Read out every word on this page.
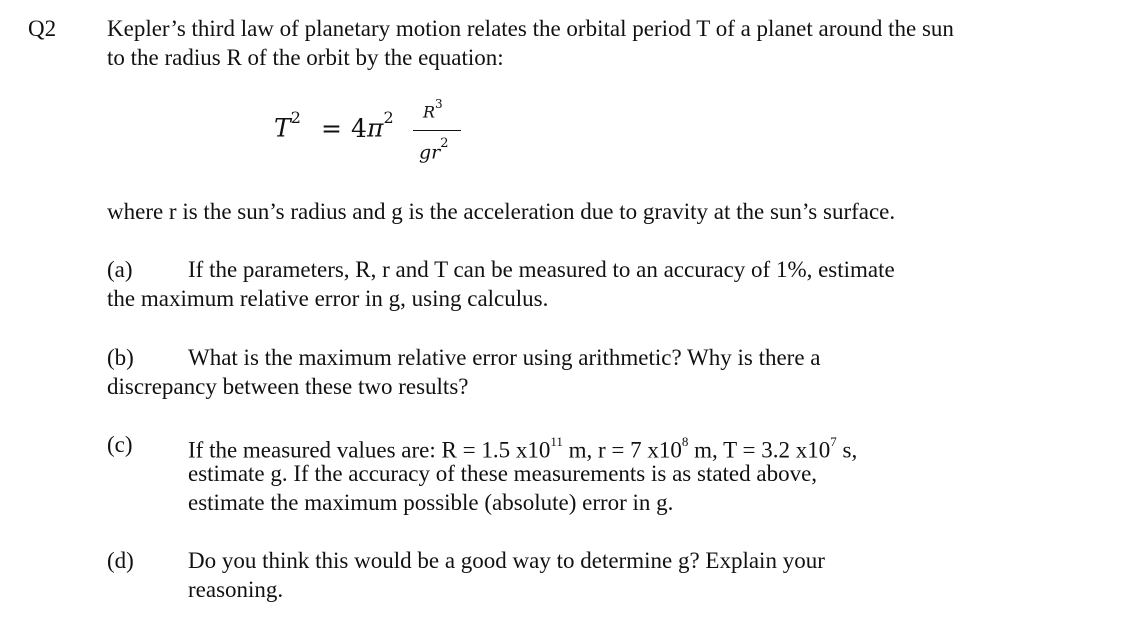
Q2 Kepler’s third law of planetary motion relates the orbital period T of a planet around the sun
to the radius R of the orbit by the equation:
$T^2 = 4$ $\pi^2$ $R^3$
$gr^2$
where r is the sun’s radius and g is the acceleration due to gravity at the sun’s surface.
(a) If the parameters, R, r and T can be measured to an accuracy of 1%, estimate
the maximum relative error in g, using calculus.
(b) What is the maximum relative error using arithmetic? Why is there a
discrepancy between these two results?
(c) If the measured values are: R = 1.5 $x10^{11}$ m, r = 7 $x10^8$ m, T = 3.2 $x10^7$ s,
estimate g. If the accuracy of these measurements is as stated above,
estimate the maximum possible (absolute) error in g.
(d) Do you think this would be a good way to determine g? Explain your
reasoning.
